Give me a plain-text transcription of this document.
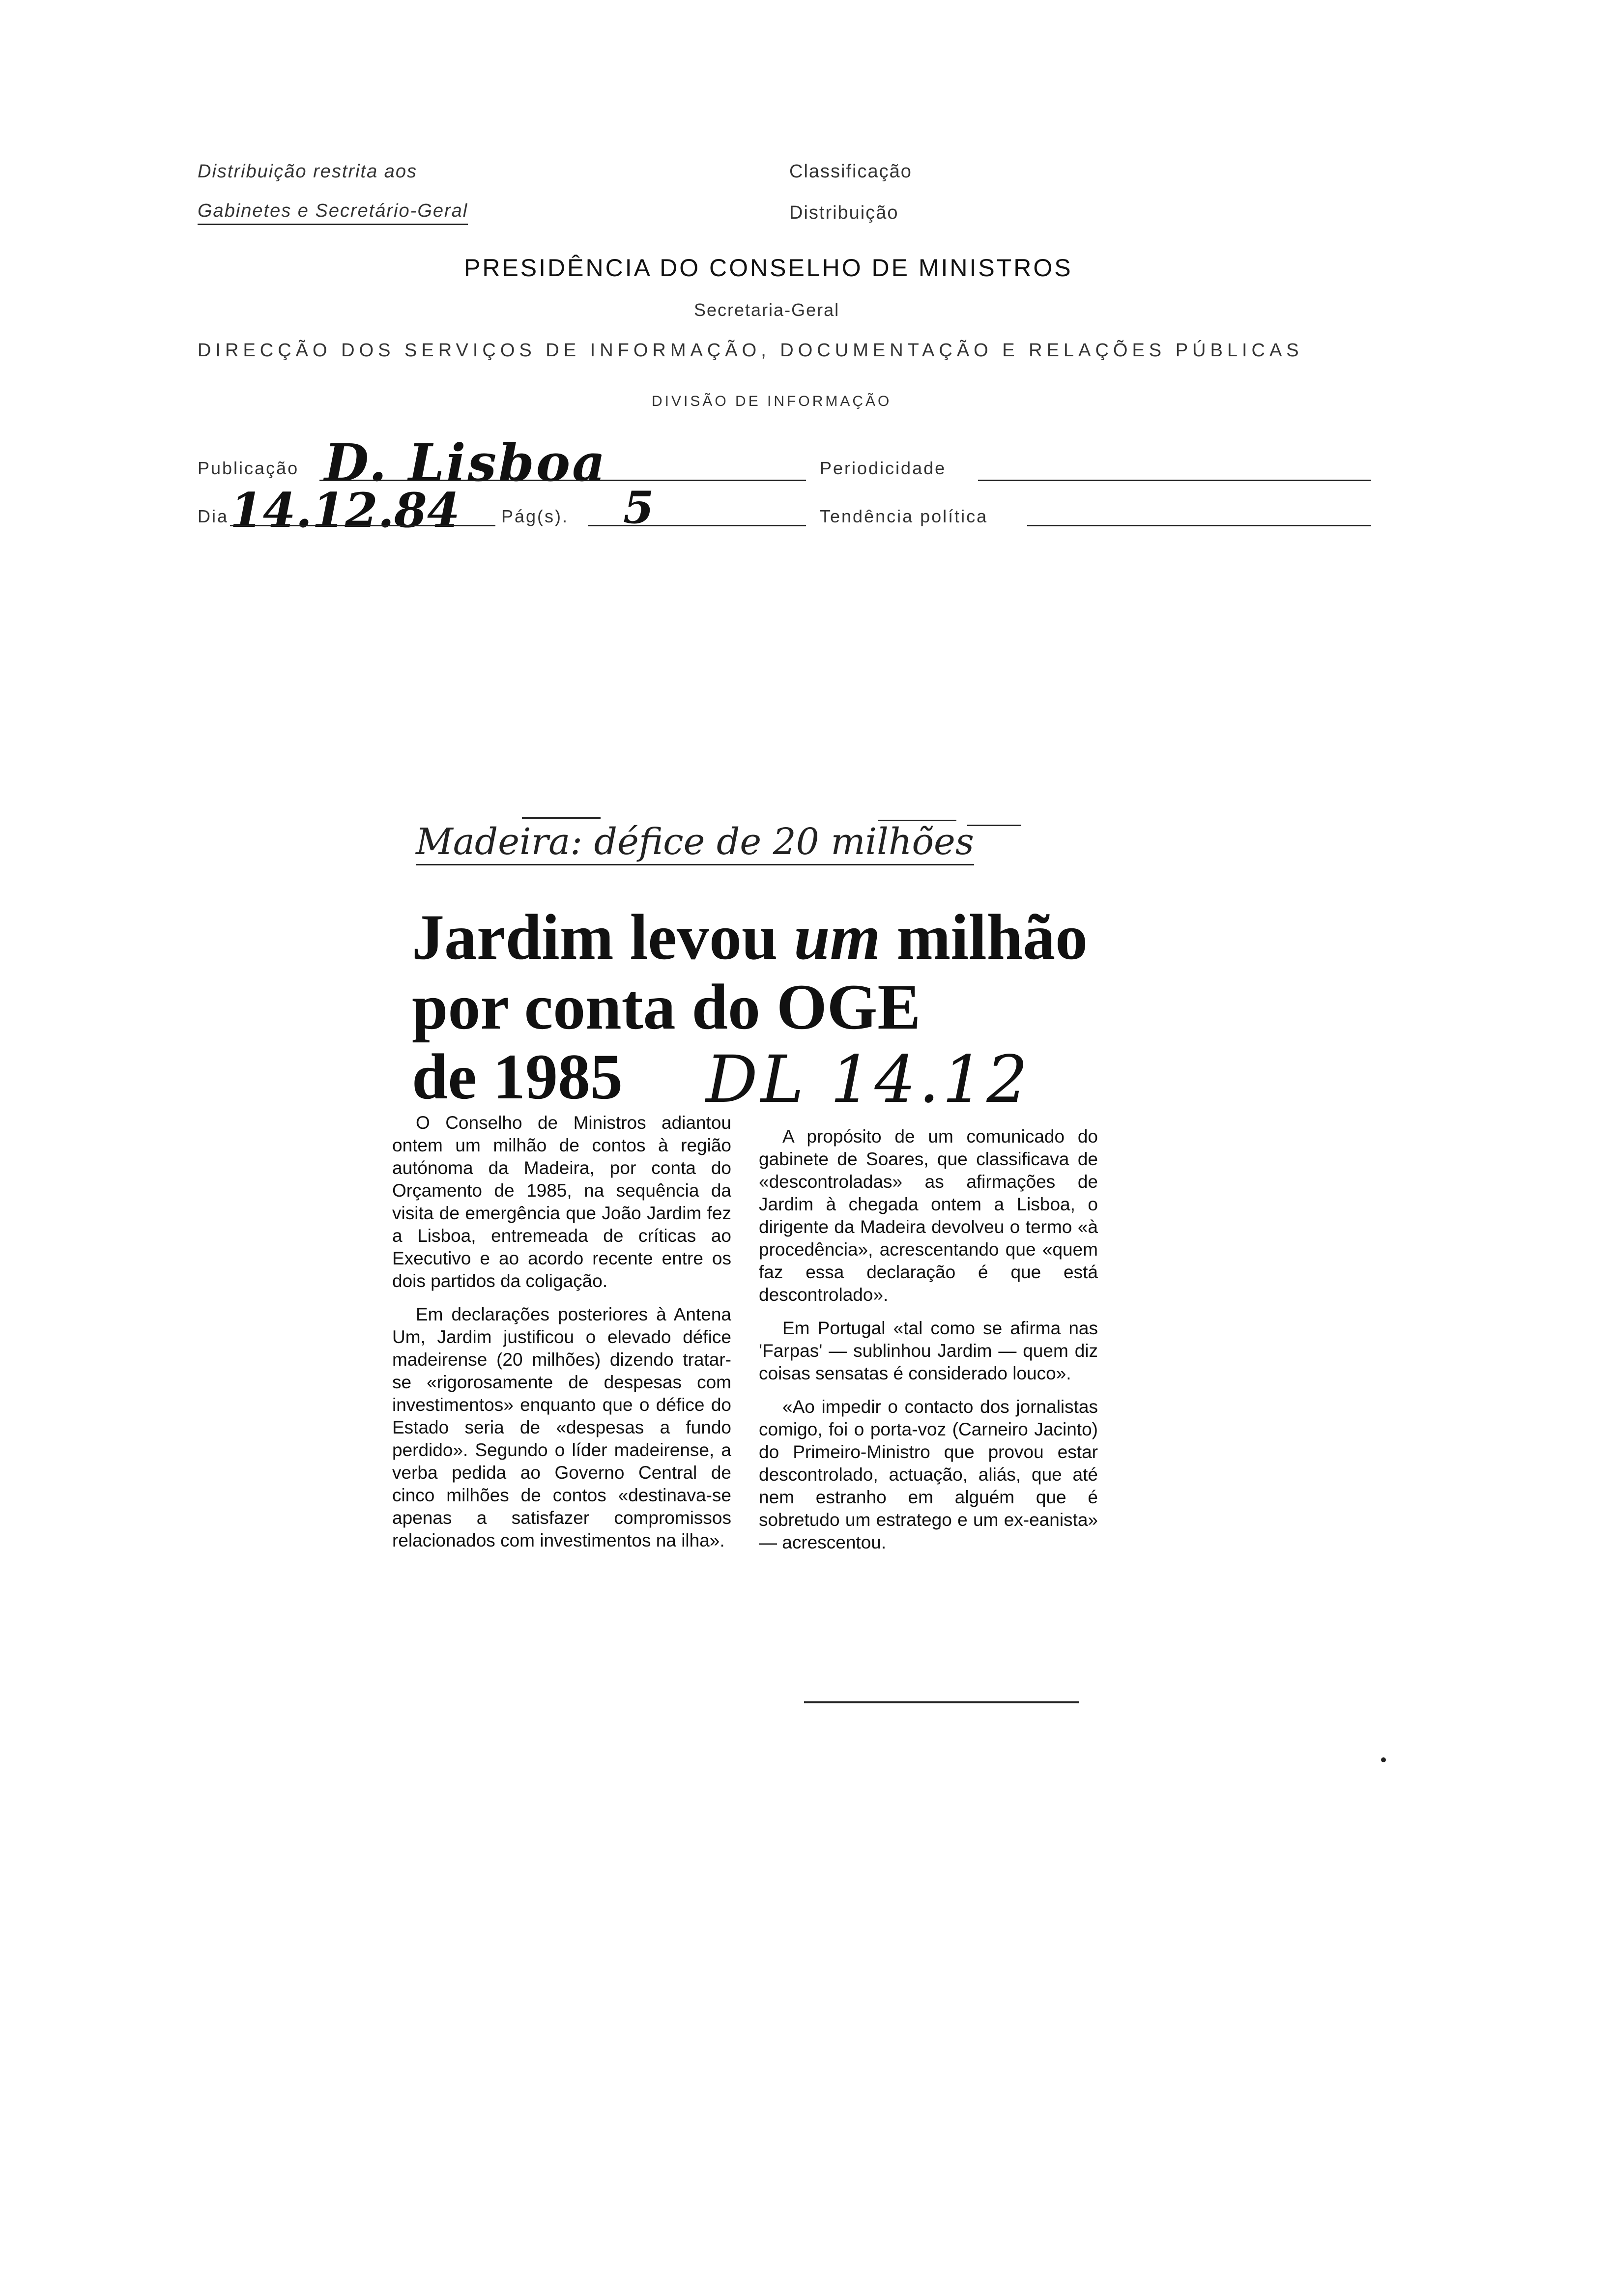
Distribuição restrita aos
Gabinetes e Secretário-Geral
Classificação
Distribuição
PRESIDÊNCIA DO CONSELHO DE MINISTROS
Secretaria-Geral
DIRECÇÃO DOS SERVIÇOS DE INFORMAÇÃO, DOCUMENTAÇÃO E RELAÇÕES PÚBLICAS
DIVISÃO DE INFORMAÇÃO
Publicação D. Lisboa	Periodicidade
Dia 14.12.84 Pág(s). 5	Tendência política
Madeira: défice de 20 milhões
Jardim levou um milhão
por conta do OGE
de 1985 DL 14.12

O Conselho de Ministros adiantou ontem um milhão de contos à região autónoma da Madeira, por conta do Orçamento de 1985, na sequência da visita de emergência que João Jardim fez a Lisboa, entremeada de críticas ao Executivo e ao acordo recente entre os dois partidos da coligação.

Em declarações posteriores à Antena Um, Jardim justificou o elevado défice madeirense (20 milhões) dizendo tratar-se «rigorosamente de despesas com investimentos» enquanto que o défice do Estado seria de «despesas a fundo perdido». Segundo o líder madeirense, a verba pedida ao Governo Central de cinco milhões de contos «destinava-se apenas a satisfazer compromissos relacionados com investimentos na ilha».

A propósito de um comunicado do gabinete de Soares, que classificava de «descontroladas» as afirmações de Jardim à chegada ontem a Lisboa, o dirigente da Madeira devolveu o termo «à procedência», acrescentando que «quem faz essa declaração é que está descontrolado».

Em Portugal «tal como se afirma nas 'Farpas' — sublinhou Jardim — quem diz coisas sensatas é considerado louco».

«Ao impedir o contacto dos jornalistas comigo, foi o porta-voz (Carneiro Jacinto) do Primeiro-Ministro que provou estar descontrolado, actuação, aliás, que até nem estranho em alguém que é sobretudo um estratego e um ex-eanista» — acrescentou.
